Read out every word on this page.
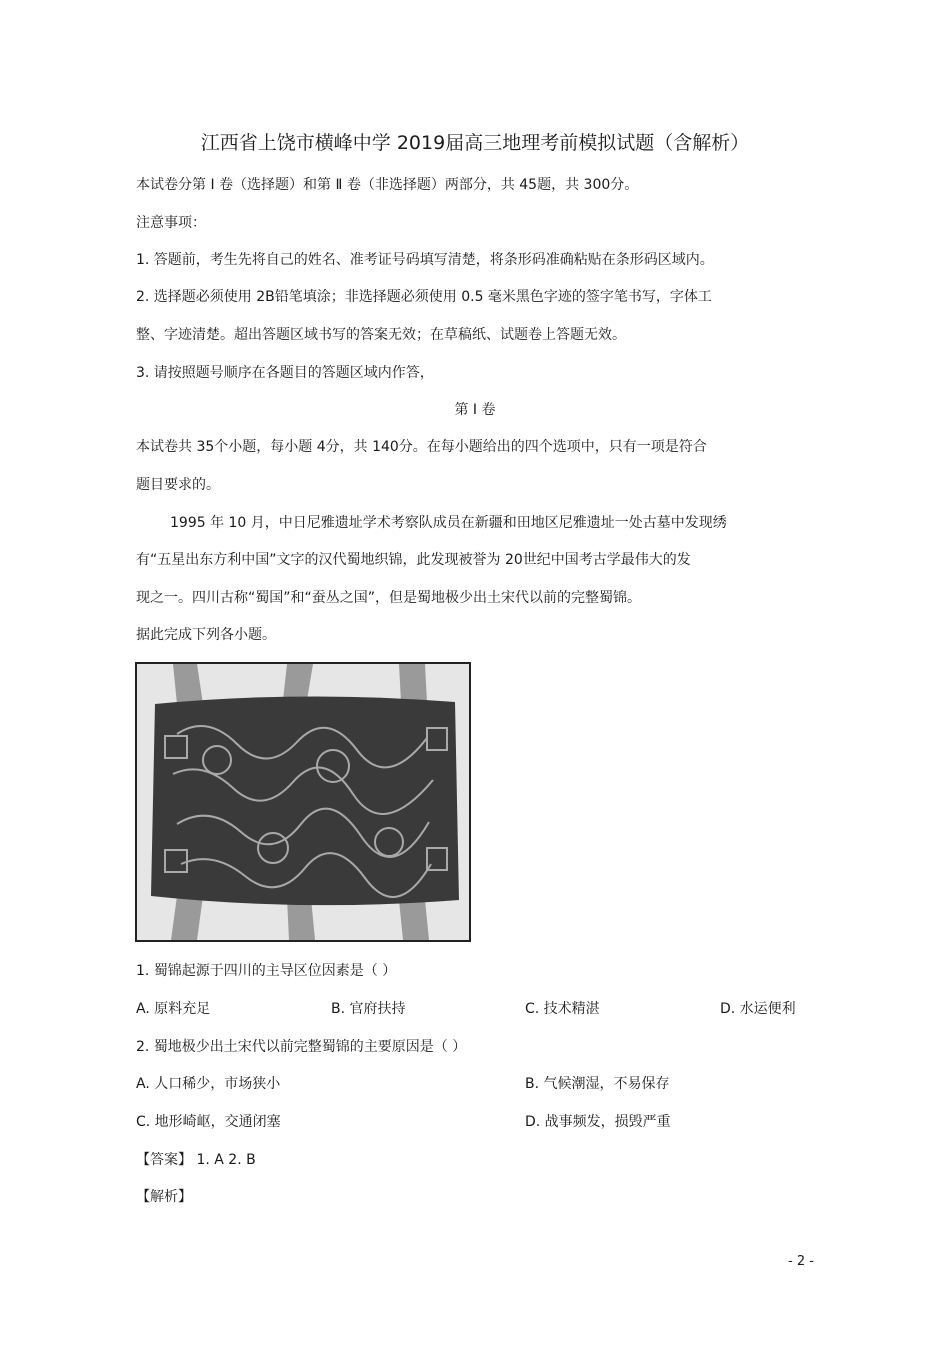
江西省上饶市横峰中学 2019届高三地理考前模拟试题（含解析）
本试卷分第 Ⅰ 卷（选择题）和第 Ⅱ 卷（非选择题）两部分，共 45题，共 300分。
注意事项：
1. 答题前，考生先将自己的姓名、准考证号码填写清楚，将条形码准确粘贴在条形码区域内。
2. 选择题必须使用 2B铅笔填涂；非选择题必须使用 0.5 毫米黑色字迹的签字笔书写，字体工
整、字迹清楚。超出答题区域书写的答案无效；在草稿纸、试题卷上答题无效。
3. 请按照题号顺序在各题目的答题区域内作答，
第 Ⅰ 卷
本试卷共 35个小题，每小题 4分，共 140分。在每小题给出的四个选项中，只有一项是符合
题目要求的。
1995 年 10 月，中日尼雅遗址学术考察队成员在新疆和田地区尼雅遗址一处古墓中发现绣
有“五星出东方利中国”文字的汉代蜀地织锦，此发现被誉为 20世纪中国考古学最伟大的发
现之一。四川古称“蜀国”和“蚕丛之国”，但是蜀地极少出土宋代以前的完整蜀锦。
据此完成下列各小题。
1. 蜀锦起源于四川的主导区位因素是（ ）
A. 原料充足	B. 官府扶持	C. 技术精湛	D. 水运便利
2. 蜀地极少出土宋代以前完整蜀锦的主要原因是（ ）
A. 人口稀少，市场狭小	B. 气候潮湿，不易保存
C. 地形崎岖，交通闭塞	D. 战事频发，损毁严重
【答案】 1. A 2. B
【解析】
- 2 -
